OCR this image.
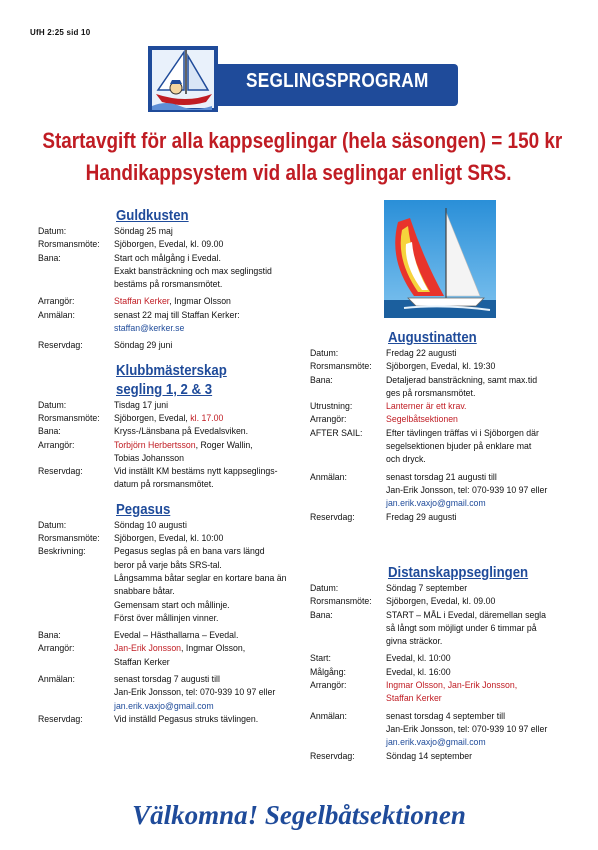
UfH 2:25 sid 10
SEGLINGSPROGRAM
Startavgift för alla kappseglingar (hela säsongen) = 150 kr
Handikappsystem vid alla seglingar enligt SRS.
Guldkusten
Datum:	Söndag 25 maj
Rorsmansmöte:	Sjöborgen, Evedal, kl. 09.00
Bana:	Start och målgång i Evedal.
Exakt bansträckning och max seglingstid
bestäms på rorsmansmötet.
Arrangör:	Staffan Kerker, Ingmar Olsson
Anmälan:	senast 22 maj till Staffan Kerker:
staffan@kerker.se
Reservdag:	Söndag 29 juni
Klubbmästerskap
segling 1, 2 & 3
Datum:	Tisdag 17 juni
Rorsmansmöte:	Sjöborgen, Evedal, kl. 17.00
Bana:	Kryss-/Länsbana på Evedalsviken.
Arrangör:	Torbjörn Herbertsson, Roger Wallin,
Tobias Johansson
Reservdag:	Vid inställt KM bestäms nytt kappseglings-
datum på rorsmansmötet.
Pegasus
Datum:	Söndag 10 augusti
Rorsmansmöte:	Sjöborgen, Evedal, kl. 10:00
Beskrivning:	Pegasus seglas på en bana vars längd
beror på varje båts SRS-tal.
Långsamma båtar seglar en kortare bana än
snabbare båtar.
Gemensam start och mållinje.
Först över mållinjen vinner.
Bana:	Evedal – Hästhallarna – Evedal.
Arrangör:	Jan-Erik Jonsson, Ingmar Olsson,
Staffan Kerker
Anmälan:	senast torsdag 7 augusti till
Jan-Erik Jonsson, tel: 070-939 10 97 eller
jan.erik.vaxjo@gmail.com
Reservdag:	Vid inställd Pegasus struks tävlingen.
Augustinatten
Datum:	Fredag 22 augusti
Rorsmansmöte:	Sjöborgen, Evedal, kl. 19:30
Bana:	Detaljerad bansträckning, samt max.tid
ges på rorsmansmötet.
Utrustning:	Lanterner är ett krav.
Arrangör:	Segelbåtsektionen
AFTER SAIL:	Efter tävlingen träffas vi i Sjöborgen där
segelsektionen bjuder på enklare mat
och dryck.
Anmälan:	senast torsdag 21 augusti till
Jan-Erik Jonsson, tel: 070-939 10 97 eller
jan.erik.vaxjo@gmail.com
Reservdag:	Fredag 29 augusti
Distanskappseglingen
Datum:	Söndag 7 september
Rorsmansmöte:	Sjöborgen, Evedal, kl. 09.00
Bana:	START – MÅL i Evedal, däremellan segla
så långt som möjligt under 6 timmar på
givna sträckor.
Start:	Evedal, kl. 10:00
Målgång:	Evedal, kl. 16:00
Arrangör:	Ingmar Olsson, Jan-Erik Jonsson,
Staffan Kerker
Anmälan:	senast torsdag 4 september till
Jan-Erik Jonsson, tel: 070-939 10 97 eller
jan.erik.vaxjo@gmail.com
Reservdag:	Söndag 14 september
Välkomna! Segelbåtsektionen
